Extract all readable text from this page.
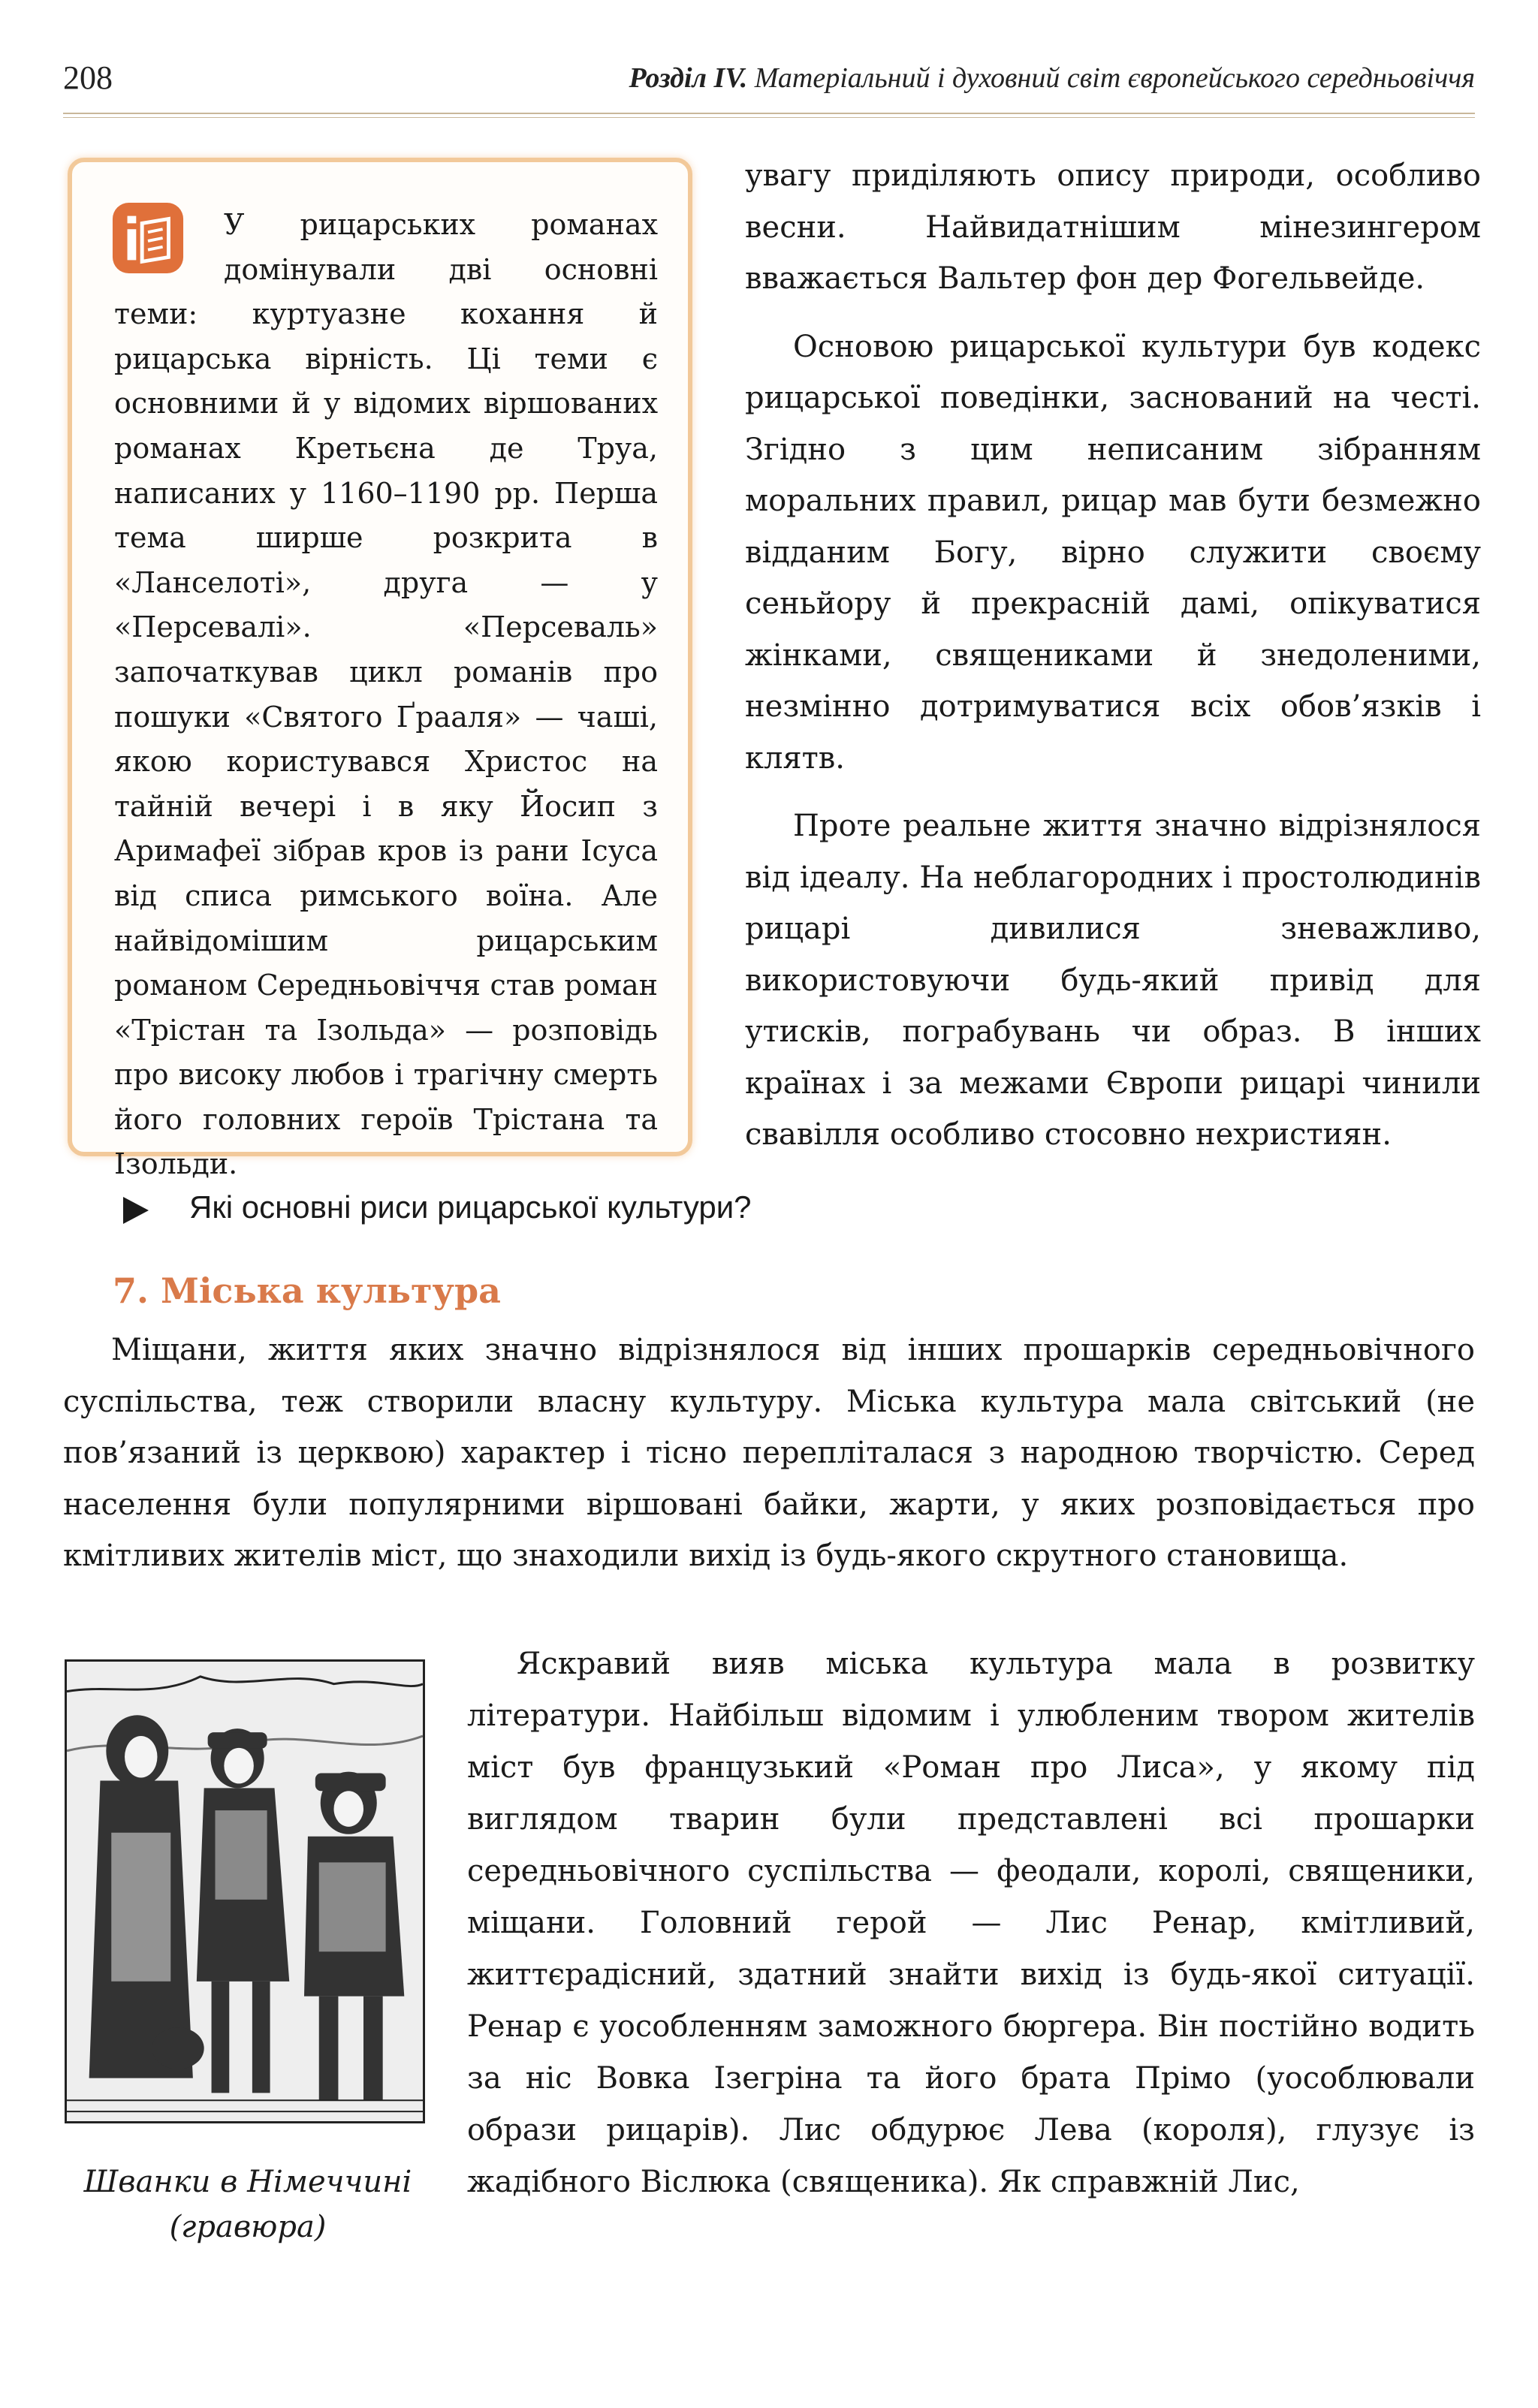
208	Розділ IV. Матеріальний і духовний світ європейського середньовіччя
У рицарських романах домінували дві основні теми: куртуазне кохання й рицарська вірність. Ці теми є основними й у відомих віршованих романах Кретьєна де Труа, написаних у 1160–1190 рр. Перша тема ширше розкрита в «Ланселоті», друга — у «Персевалі». «Персеваль» започаткував цикл романів про пошуки «Святого Ґрааля» — чаші, якою користувався Христос на тайній вечері і в яку Йосип з Аримафеї зібрав кров із рани Ісуса від списа римського воїна. Але найвідомішим рицарським романом Середньовіччя став роман «Трістан та Ізольда» — розповідь про високу любов і трагічну смерть його головних героїв Трістана та Ізольди.

увагу приділяють опису природи, особливо весни. Найвидатнішим мінезингером вважається Вальтер фон дер Фогельвейде.

Основою рицарської культури був кодекс рицарської поведінки, заснований на честі. Згідно з цим неписаним зібранням моральних правил, рицар мав бути безмежно відданим Богу, вірно служити своєму сеньйору й прекрасній дамі, опікуватися жінками, священиками й знедоленими, незмінно дотримуватися всіх обов’язків і клятв.

Проте реальне життя значно відрізнялося від ідеалу. На неблагородних і простолюдинів рицарі дивилися зневажливо, використовуючи будь-який привід для утисків, пограбувань чи образ. В інших країнах і за межами Європи рицарі чинили свавілля особливо стосовно нехристиян.

Які основні риси рицарської культури?
7. Міська культура

Міщани, життя яких значно відрізнялося від інших прошарків середньовічного суспільства, теж створили власну культуру. Міська культура мала світський (не пов’язаний із церквою) характер і тісно перепліталася з народною творчістю. Серед населення були популярними віршовані байки, жарти, у яких розповідається про кмітливих жителів міст, що знаходили вихід із будь-якого скрутного становища.

Шванки в Німеччині
(гравюра)

Яскравий вияв міська культура мала в розвитку літератури. Найбільш відомим і улюбленим твором жителів міст був французький «Роман про Лиса», у якому під виглядом тварин були представлені всі прошарки середньовічного суспільства — феодали, королі, священики, міщани. Головний герой — Лис Ренар, кмітливий, життєрадісний, здатний знайти вихід із будь-якої ситуації. Ренар є уособленням заможного бюргера. Він постійно водить за ніс Вовка Ізегріна та його брата Прімо (уособлювали образи рицарів). Лис обдурює Лева (короля), глузує із жадібного Віслюка (священика). Як справжній Лис,
